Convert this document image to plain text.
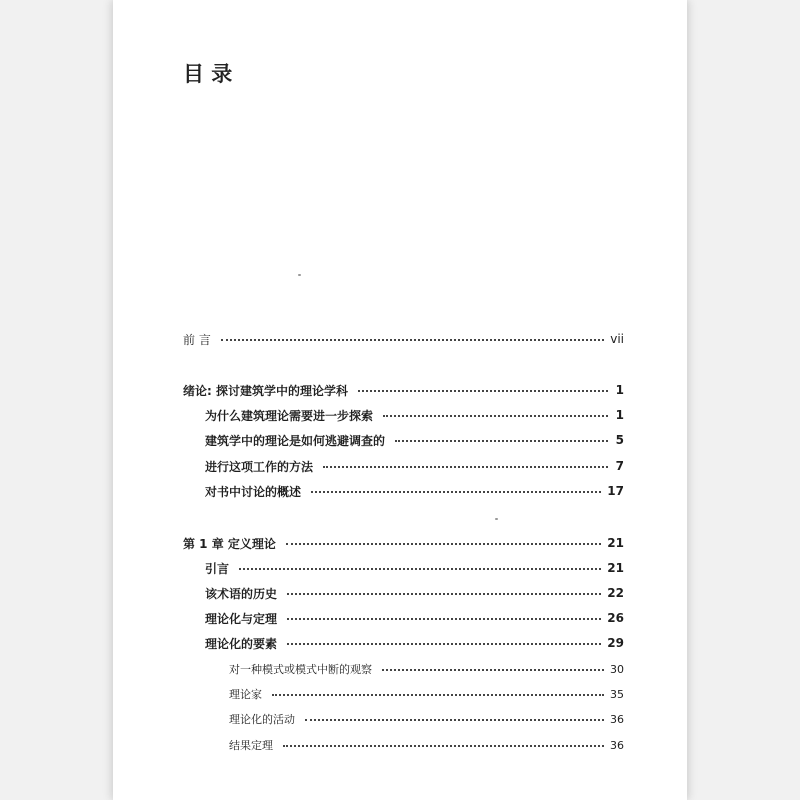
目 录
前 言	vii
绪论: 探讨建筑学中的理论学科	1
为什么建筑理论需要进一步探索	1
建筑学中的理论是如何逃避调查的	5
进行这项工作的方法	7
对书中讨论的概述	17
第 1 章 定义理论	21
引言	21
该术语的历史	22
理论化与定理	26
理论化的要素	29
对一种模式或模式中断的观察	30
理论家	35
理论化的活动	36
结果定理	36
